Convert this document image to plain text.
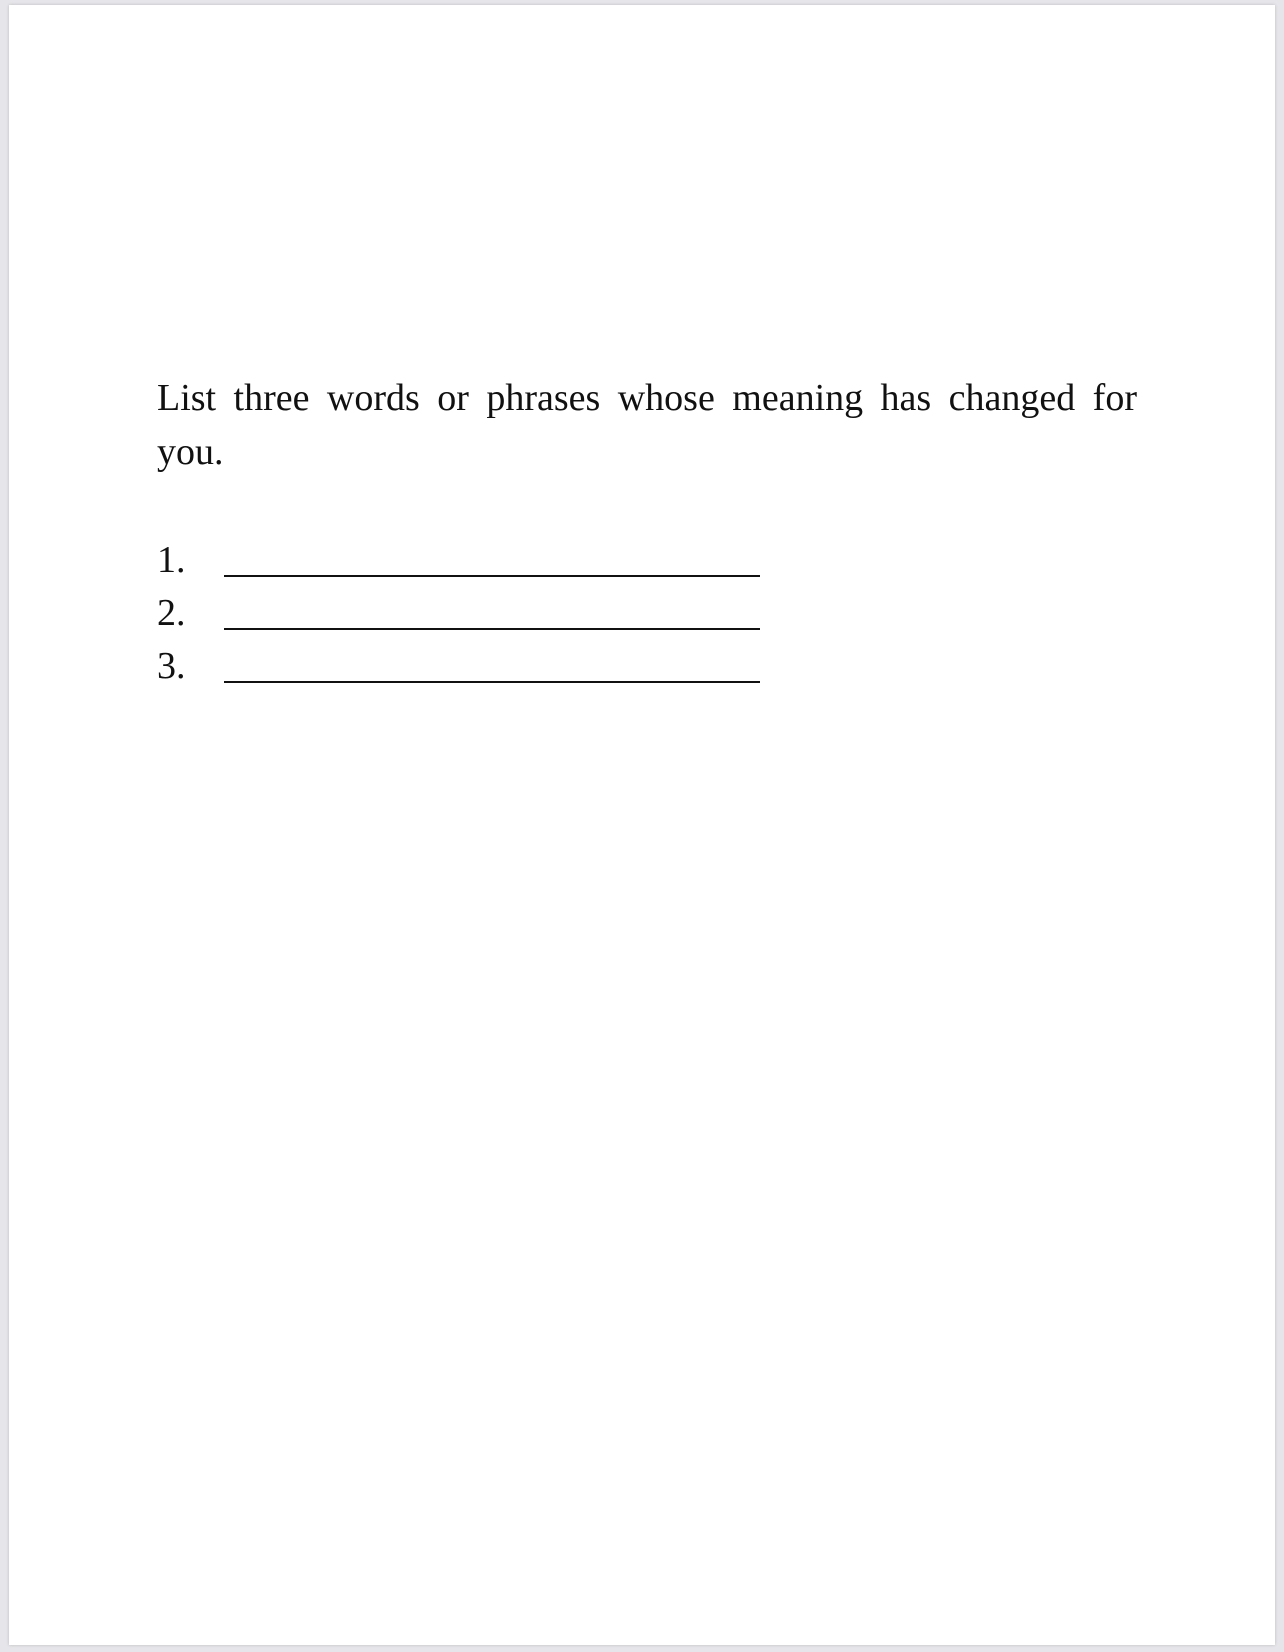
List three words or phrases whose meaning has changed for you.

1.
2.
3.
